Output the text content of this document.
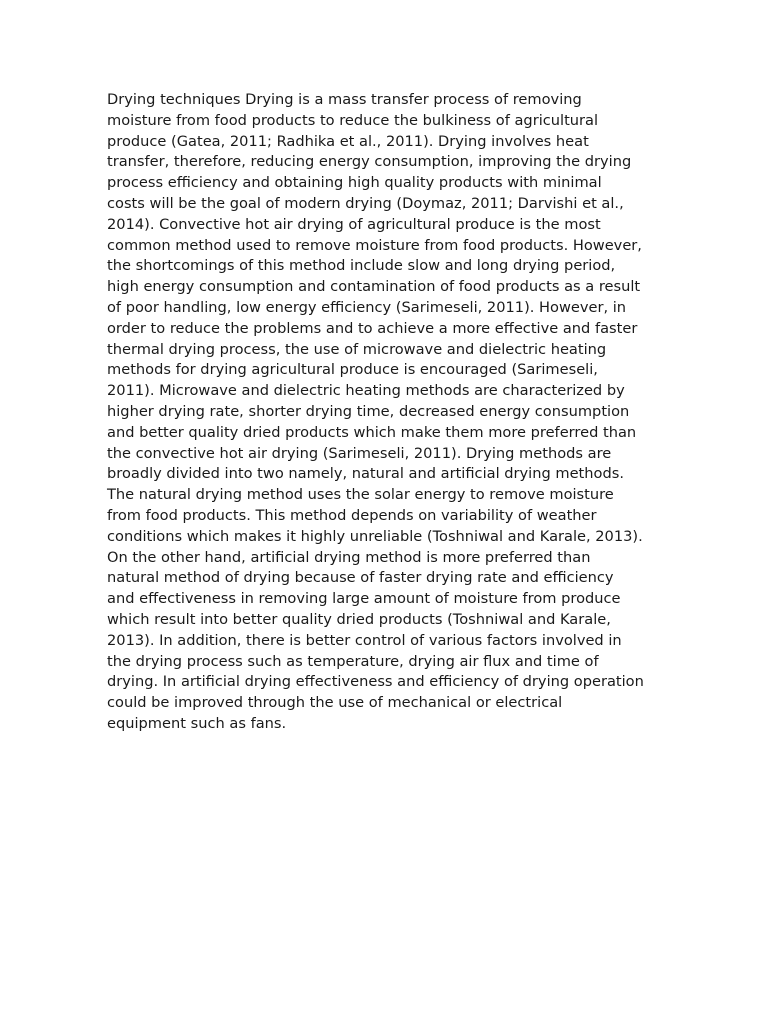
Drying techniques Drying is a mass transfer process of removing
moisture from food products to reduce the bulkiness of agricultural
produce (Gatea, 2011; Radhika et al., 2011). Drying involves heat
transfer, therefore, reducing energy consumption, improving the drying
process efficiency and obtaining high quality products with minimal
costs will be the goal of modern drying (Doymaz, 2011; Darvishi et al.,
2014). Convective hot air drying of agricultural produce is the most
common method used to remove moisture from food products. However,
the shortcomings of this method include slow and long drying period,
high energy consumption and contamination of food products as a result
of poor handling, low energy efficiency (Sarimeseli, 2011). However, in
order to reduce the problems and to achieve a more effective and faster
thermal drying process, the use of microwave and dielectric heating
methods for drying agricultural produce is encouraged (Sarimeseli,
2011). Microwave and dielectric heating methods are characterized by
higher drying rate, shorter drying time, decreased energy consumption
and better quality dried products which make them more preferred than
the convective hot air drying (Sarimeseli, 2011). Drying methods are
broadly divided into two namely, natural and artificial drying methods.
The natural drying method uses the solar energy to remove moisture
from food products. This method depends on variability of weather
conditions which makes it highly unreliable (Toshniwal and Karale, 2013).
On the other hand, artificial drying method is more preferred than
natural method of drying because of faster drying rate and efficiency
and effectiveness in removing large amount of moisture from produce
which result into better quality dried products (Toshniwal and Karale,
2013). In addition, there is better control of various factors involved in
the drying process such as temperature, drying air flux and time of
drying. In artificial drying effectiveness and efficiency of drying operation
could be improved through the use of mechanical or electrical
equipment such as fans.
